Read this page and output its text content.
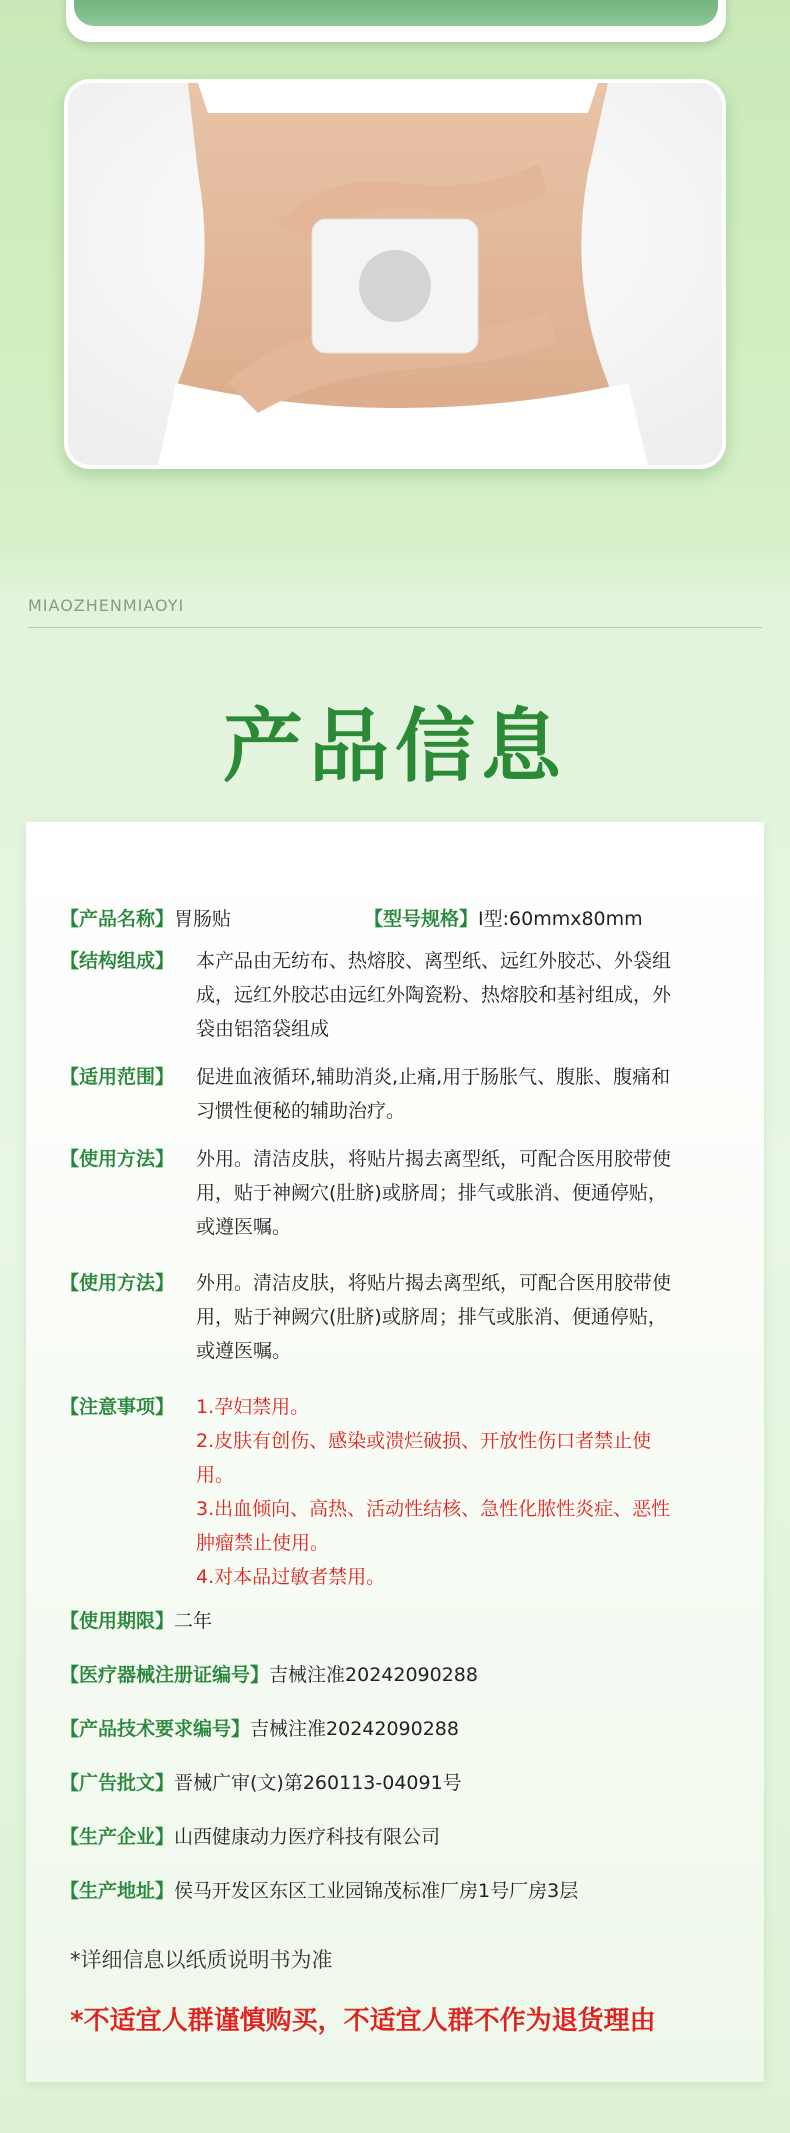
MIAOZHENMIAOYI
产品信息
【产品名称】胃肠贴	【型号规格】I型:60mmx80mm
【结构组成】 本产品由无纺布、热熔胶、离型纸、远红外胶芯、外袋组
成，远红外胶芯由远红外陶瓷粉、热熔胶和基衬组成，外
袋由铝箔袋组成
【适用范围】 促进血液循环,辅助消炎,止痛,用于肠胀气、腹胀、腹痛和
习惯性便秘的辅助治疗。
【使用方法】 外用。清洁皮肤，将贴片揭去离型纸，可配合医用胶带使
用，贴于神阙穴(肚脐)或脐周；排气或胀消、便通停贴，
或遵医嘱。
【使用方法】 外用。清洁皮肤，将贴片揭去离型纸，可配合医用胶带使
用，贴于神阙穴(肚脐)或脐周；排气或胀消、便通停贴，
或遵医嘱。
【注意事项】 1.孕妇禁用。
2.皮肤有创伤、感染或溃烂破损、开放性伤口者禁止使
用。
3.出血倾向、高热、活动性结核、急性化脓性炎症、恶性
肿瘤禁止使用。
4.对本品过敏者禁用。
【使用期限】二年
【医疗器械注册证编号】吉械注准20242090288
【产品技术要求编号】吉械注准20242090288
【广告批文】晋械广审(文)第260113-04091号
【生产企业】山西健康动力医疗科技有限公司
【生产地址】侯马开发区东区工业园锦茂标准厂房1号厂房3层
*详细信息以纸质说明书为准
*不适宜人群谨慎购买，不适宜人群不作为退货理由
